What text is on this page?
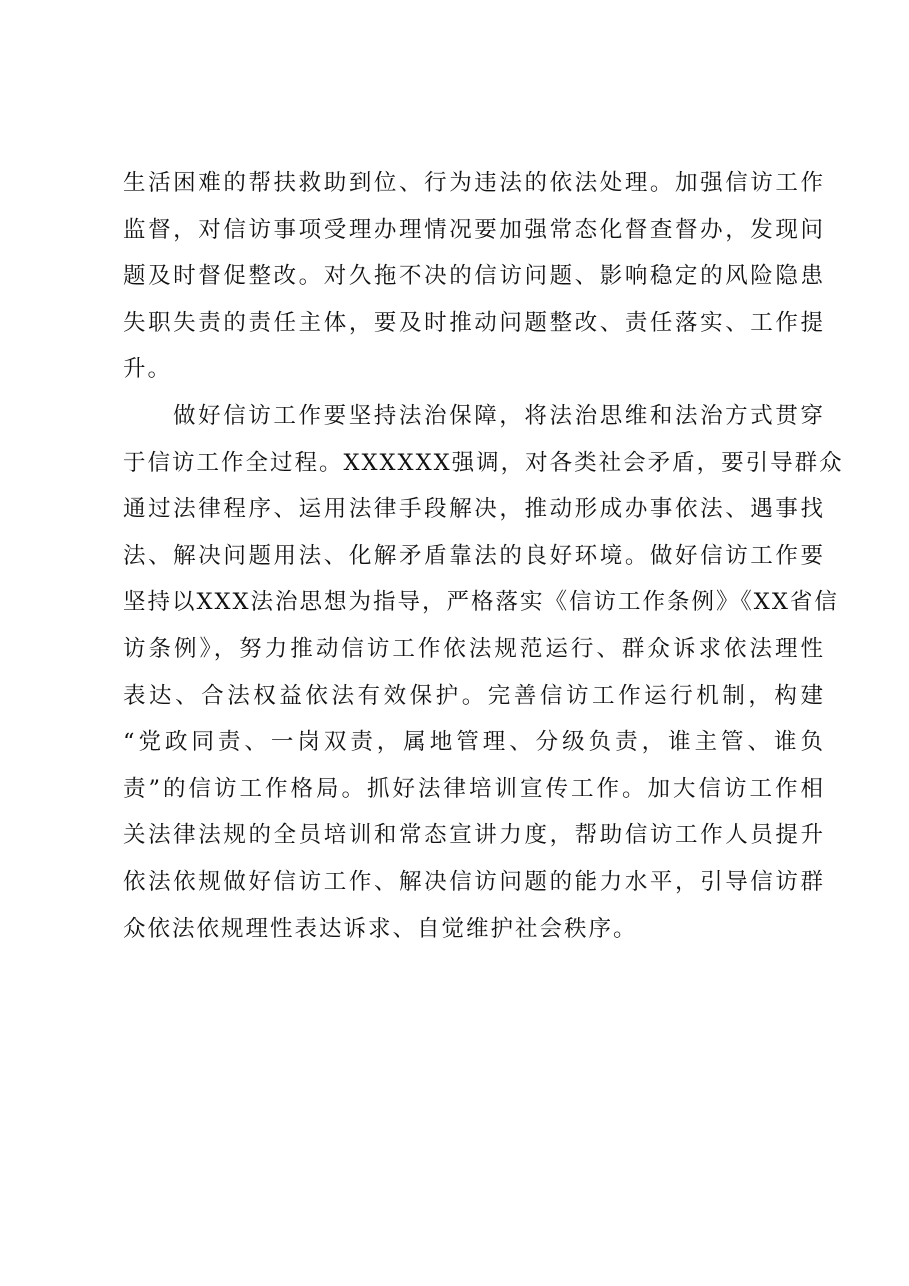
生活困难的帮扶救助到位、行为违法的依法处理。加强信访工作
监督，对信访事项受理办理情况要加强常态化督查督办，发现问
题及时督促整改。对久拖不决的信访问题、影响稳定的风险隐患
失职失责的责任主体，要及时推动问题整改、责任落实、工作提
升。
做好信访工作要坚持法治保障，将法治思维和法治方式贯穿
于信访工作全过程。XXXXXX强调，对各类社会矛盾，要引导群众
通过法律程序、运用法律手段解决，推动形成办事依法、遇事找
法、解决问题用法、化解矛盾靠法的良好环境。做好信访工作要
坚持以XXX法治思想为指导，严格落实《信访工作条例》《XX省信
访条例》，努力推动信访工作依法规范运行、群众诉求依法理性
表达、合法权益依法有效保护。完善信访工作运行机制，构建
“党政同责、一岗双责，属地管理、分级负责，谁主管、谁负
责”的信访工作格局。抓好法律培训宣传工作。加大信访工作相
关法律法规的全员培训和常态宣讲力度，帮助信访工作人员提升
依法依规做好信访工作、解决信访问题的能力水平，引导信访群
众依法依规理性表达诉求、自觉维护社会秩序。
